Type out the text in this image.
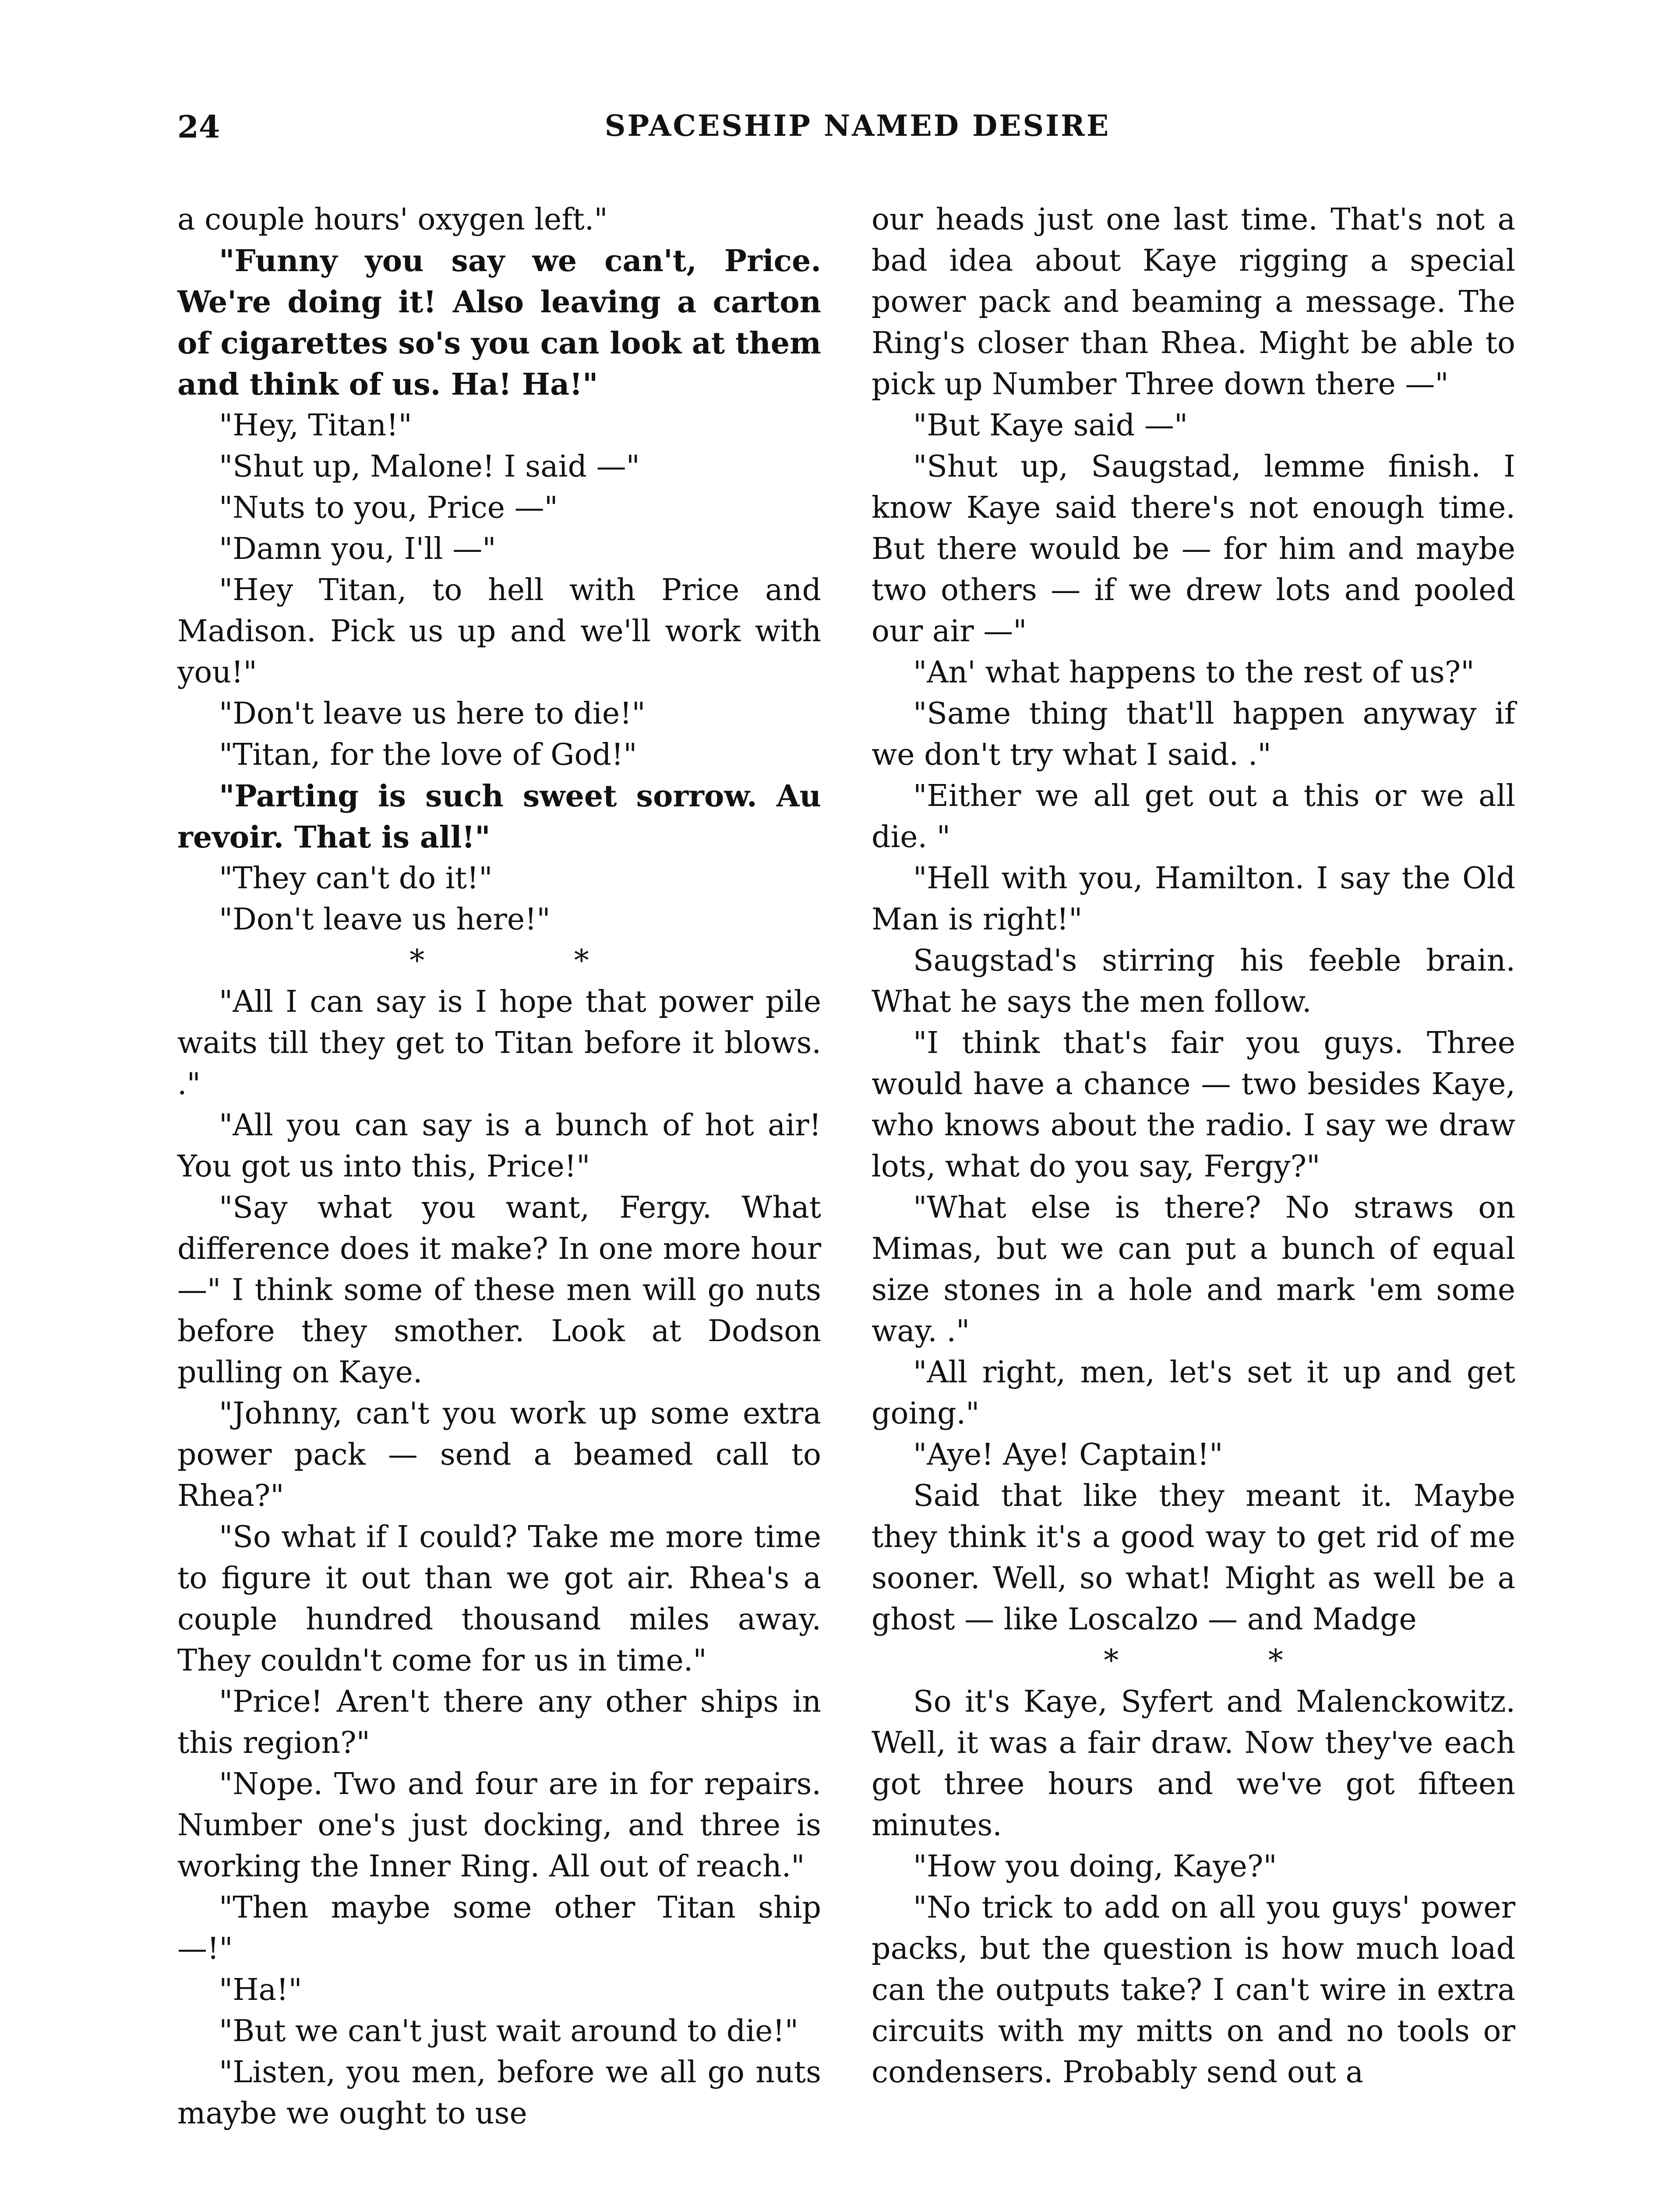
24	SPACESHIP NAMED DESIRE

a couple hours' oxygen left."

"Funny you say we can't, Price. We're doing it! Also leaving a carton of cigarettes so's you can look at them and think of us. Ha! Ha!"

"Hey, Titan!"

"Shut up, Malone! I said —"

"Nuts to you, Price —"

"Damn you, I'll —"

"Hey Titan, to hell with Price and Madison. Pick us up and we'll work with you!"

"Don't leave us here to die!"

"Titan, for the love of God!"

"Parting is such sweet sorrow. Au revoir. That is all!"

"They can't do it!"

"Don't leave us here!"

* *

"All I can say is I hope that power pile waits till they get to Titan before it blows. ."

"All you can say is a bunch of hot air! You got us into this, Price!"

"Say what you want, Fergy. What difference does it make? In one more hour —" I think some of these men will go nuts before they smother. Look at Dodson pulling on Kaye.

"Johnny, can't you work up some extra power pack — send a beamed call to Rhea?"

"So what if I could? Take me more time to figure it out than we got air. Rhea's a couple hundred thousand miles away. They couldn't come for us in time."

"Price! Aren't there any other ships in this region?"

"Nope. Two and four are in for repairs. Number one's just docking, and three is working the Inner Ring. All out of reach."

"Then maybe some other Titan ship —!"

"Ha!"

"But we can't just wait around to die!"

"Listen, you men, before we all go nuts maybe we ought to use

our heads just one last time. That's not a bad idea about Kaye rigging a special power pack and beaming a message. The Ring's closer than Rhea. Might be able to pick up Number Three down there —"

"But Kaye said —"

"Shut up, Saugstad, lemme finish. I know Kaye said there's not enough time. But there would be — for him and maybe two others — if we drew lots and pooled our air —"

"An' what happens to the rest of us?"

"Same thing that'll happen anyway if we don't try what I said. ."

"Either we all get out a this or we all die. "

"Hell with you, Hamilton. I say the Old Man is right!"

Saugstad's stirring his feeble brain. What he says the men follow.

"I think that's fair you guys. Three would have a chance — two besides Kaye, who knows about the radio. I say we draw lots, what do you say, Fergy?"

"What else is there? No straws on Mimas, but we can put a bunch of equal size stones in a hole and mark 'em some way. ."

"All right, men, let's set it up and get going."

"Aye! Aye! Captain!"

Said that like they meant it. Maybe they think it's a good way to get rid of me sooner. Well, so what! Might as well be a ghost — like Loscalzo — and Madge

* *

So it's Kaye, Syfert and Malenckowitz. Well, it was a fair draw. Now they've each got three hours and we've got fifteen minutes.

"How you doing, Kaye?"

"No trick to add on all you guys' power packs, but the question is how much load can the outputs take? I can't wire in extra circuits with my mitts on and no tools or condensers. Probably send out a
